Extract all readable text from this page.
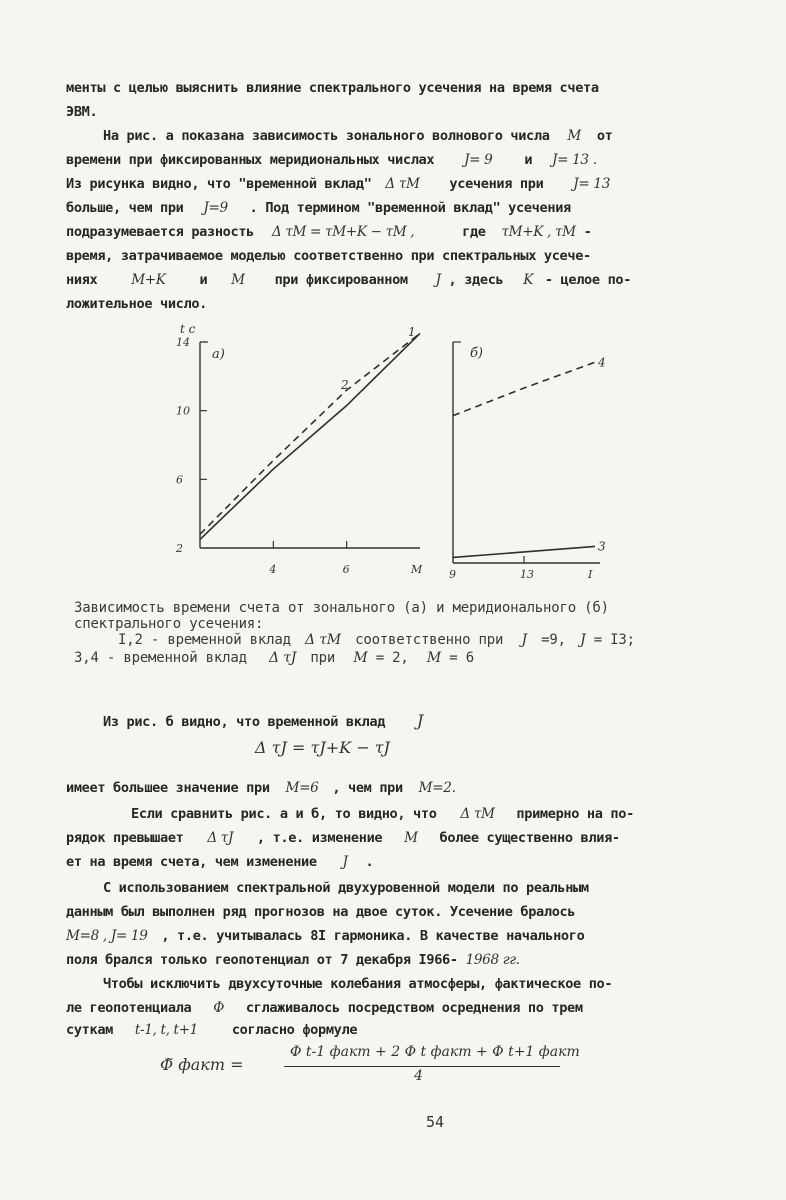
менты с целью выяснить влияние спектрального усечения на время счета
ЭВМ.
На рис. а показана зависимость зонального волнового числа M от
времени при фиксированных меридиональных числах J= 9 и J= 13 .
Из рисунка видно, что "временной вклад" Δ τM усечения при J= 13
больше, чем при J=9 . Под термином "временной вклад" усечения
подразумевается разность Δ τM = τM+K − τM ,	где τM+K , τM -
время, затрачиваемое моделью соответственно при спектральных усече-
ниях M+K и M при фиксированном J , здесь K - целое по-
ложительное число.
14
10
6
2
4	6	M
1
2
t c
а)
9	13	I
4
3
б)
Зависимость времени счета от зонального (а) и меридионального (б)
спектрального усечения:
I,2 - временной вклад Δ τM соответственно при J =9, J = I3;
3,4 - временной вклад Δ τJ при M = 2, M = 6
Из рис. б видно, что временной вклад J
Δ τJ = τJ+K − τJ
имеет большее значение при M=6 , чем при M=2.
Если сравнить рис. а и б, то видно, что Δ τM примерно на по-
рядок превышает Δ τJ , т.е. изменение M более существенно влия-
ет на время счета, чем изменение J .
С использованием спектральной двухуровенной модели по реальным
данным был выполнен ряд прогнозов на двое суток. Усечение бралось
M=8 , J= 19 , т.е. учитывалась 8I гармоника. В качестве начального
поля брался только геопотенциал от 7 декабря I966- 1968 гг.
Чтобы исключить двухсуточные колебания атмосферы, фактическое по-
ле геопотенциала Φ сглаживалось посредством осреднения по трем
суткам t-1, t, t+1 согласно формуле
Φ̃ факт =
Φ t-1 факт + 2 Φ t факт + Φ t+1 факт
4
54
